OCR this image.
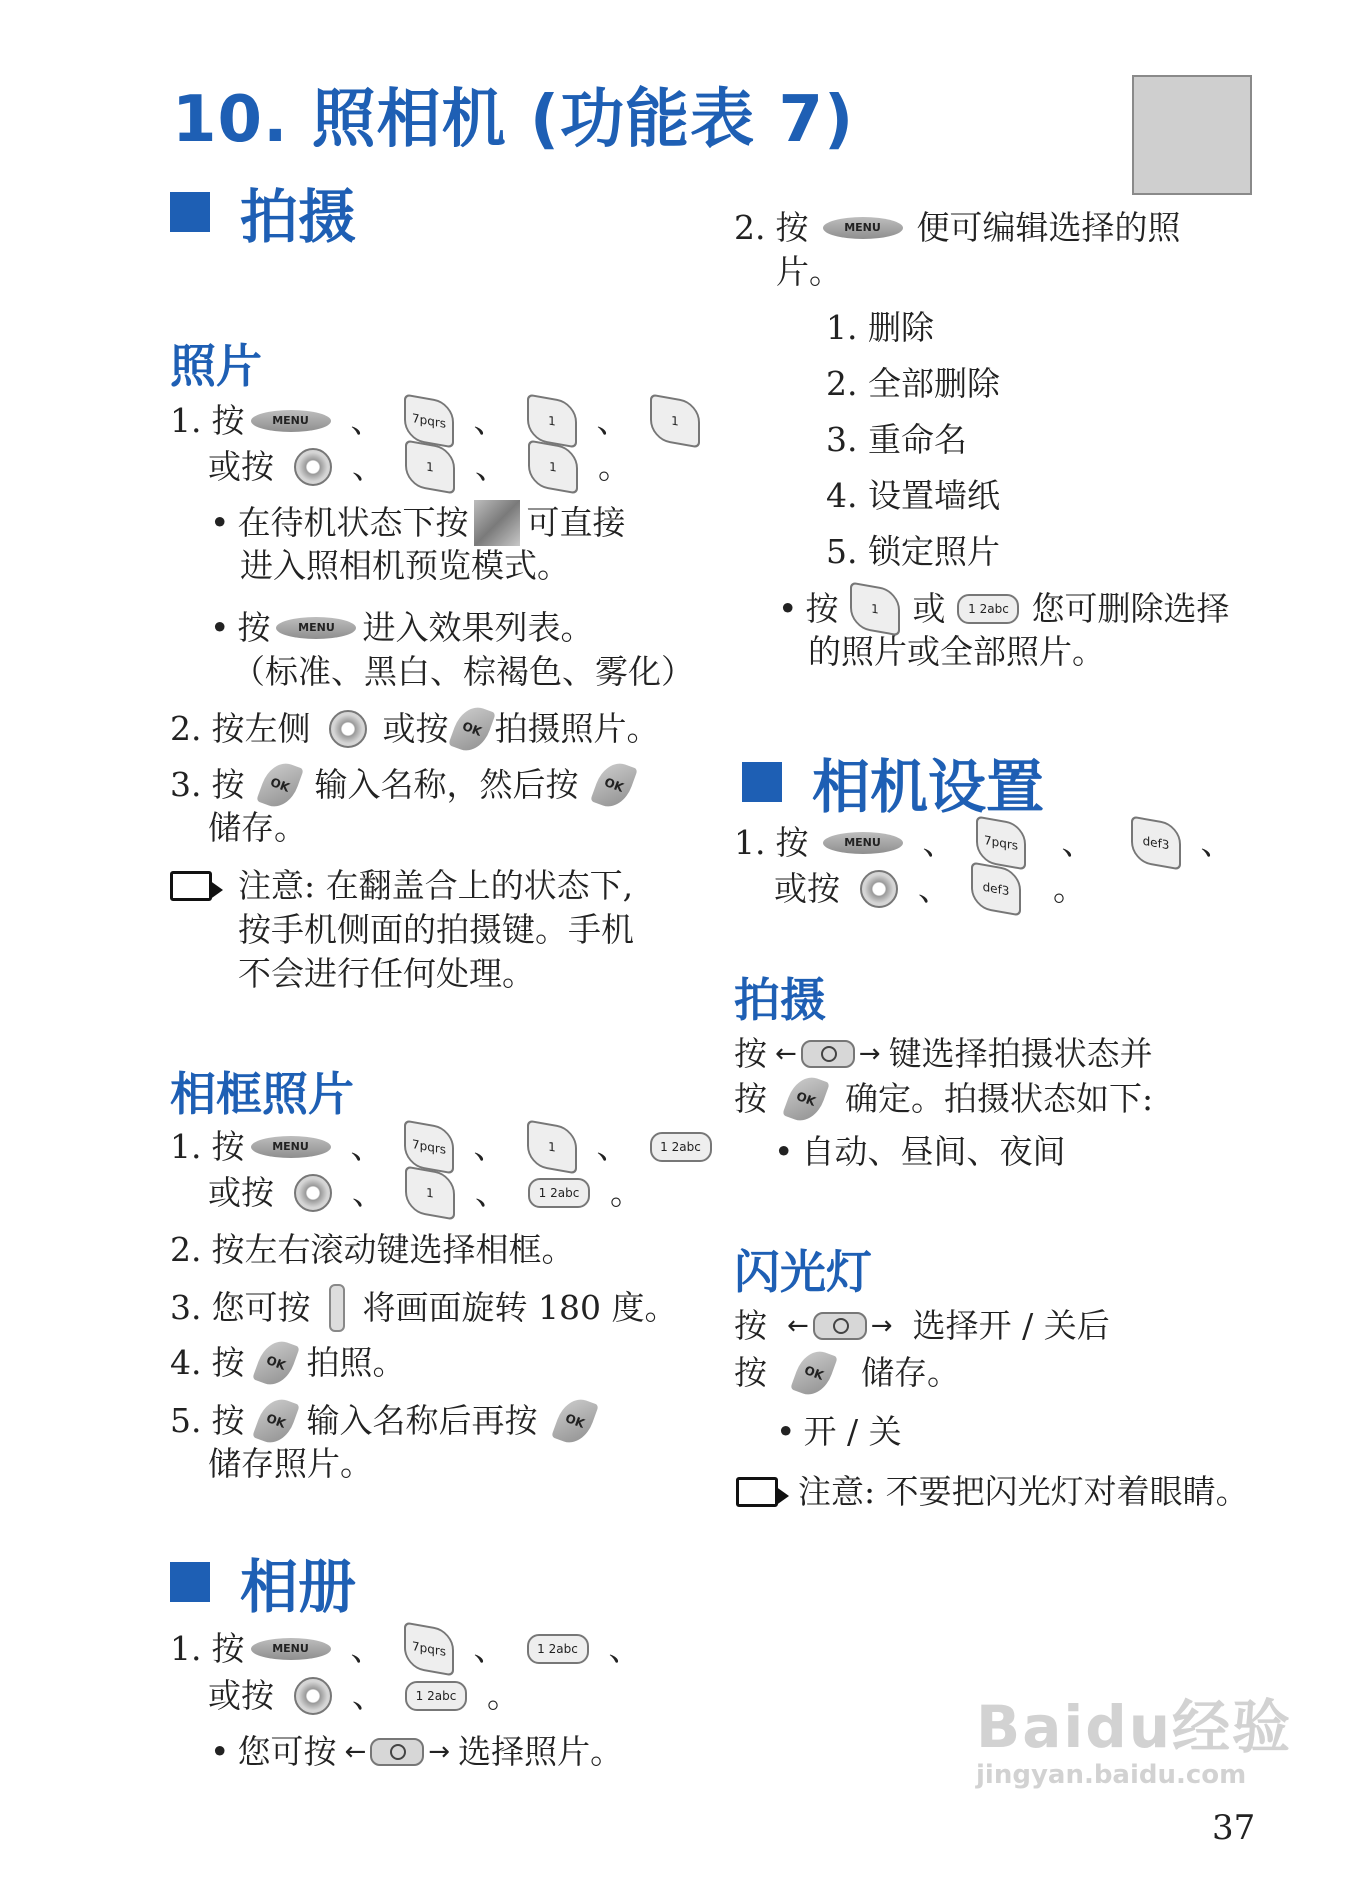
10. 照相机 (功能表 7)
拍摄
照片
1. 按	MENU	、	7pqrs 、	1	、	1
或按 、	1	、	1	。
• 在待机状态下按 可直接
进入照相机预览模式。
• 按	MENU 进入效果列表。
（标准、黑白、棕褐色、雾化）
2. 按左侧 或按 OK 拍摄照片。
3. 按	OK 输入名称，然后按	OK
储存。
注意: 在翻盖合上的状态下,
按手机侧面的拍摄键。手机
不会进行任何处理。
相框照片
1. 按	MENU	、	7pqrs 、	1	、	1 2abc
或按 、	1	、	1 2abc 。
2. 按左右滚动键选择相框。
3. 您可按 将画面旋转 180 度。
4. 按	OK 拍照。
5. 按	OK 输入名称后再按	OK
储存照片。
相册
1. 按	MENU	、	7pqrs 、	1 2abc 、
或按 、	1 2abc 。
• 您可按 ← → 选择照片。
2. 按	MENU	便可编辑选择的照
片。
1. 删除
2. 全部删除
3. 重命名
4. 设置墙纸
5. 锁定照片
• 按	1	或	1 2abc 您可删除选择
的照片或全部照片。
相机设置
1. 按	MENU	、	7pqrs 、	def3 、
或按 、	def3	。
拍摄
按 ← → 键选择拍摄状态并
按	OK 确定。拍摄状态如下:
• 自动、昼间、夜间
闪光灯
按 ← → 选择开 / 关后
按	OK	储存。
• 开 / 关
注意: 不要把闪光灯对着眼睛。
Baidu经验
jingyan.baidu.com
37
